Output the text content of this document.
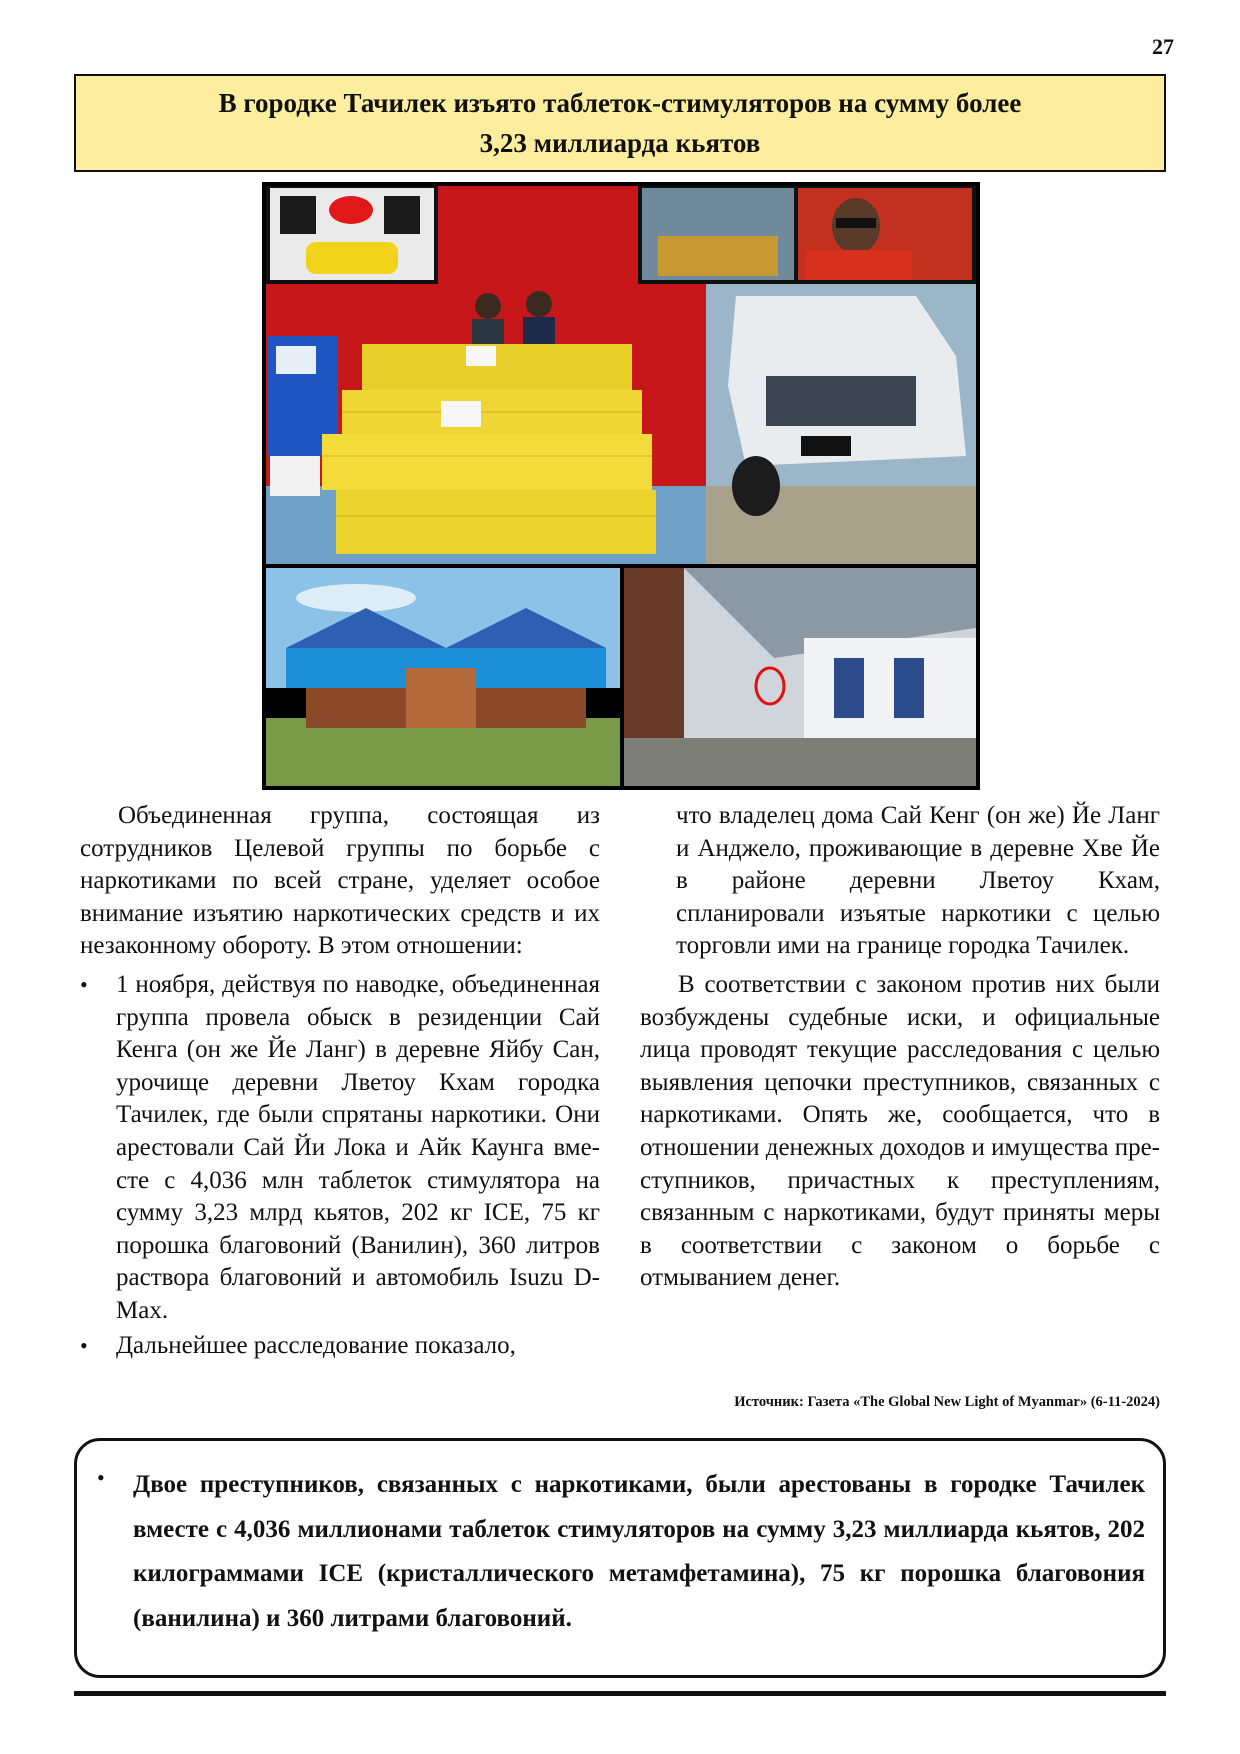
27
В городке Тачилек изъято таблеток-стимуляторов на сумму более
3,23 миллиарда кьятов

Объединенная группа, состоящая из сотрудников Целевой группы по борьбе с наркотиками по всей стране, уделяет особое внимание изъятию наркотических средств и их незаконному обороту. В этом отношении:

• 1 ноября, действуя по наводке, объединенная группа провела обыск в резиденции Сай Кенга (он же Йе Ланг) в деревне Яйбу Сан, урочище деревни Лветоу Кхам городка Тачилек, где были спрятаны наркотики. Они арестовали Сай Йи Лока и Айк Каунга вместе с 4,036 млн таблеток стимулятора на сумму 3,23 млрд кьятов, 202 кг ICE, 75 кг порошка благовоний (Ванилин), 360 литров раствора благовоний и автомобиль Isuzu D-Max.
• Дальнейшее расследование показало,

что владелец дома Сай Кенг (он же) Йе Ланг и Анджело, проживающие в деревне Хве Йе в районе деревни Лветоу Кхам, спланировали изъятые наркотики с целью торговли ими на границе городка Тачилек.

В соответствии с законом против них были возбуждены судебные иски, и официальные лица проводят текущие расследования с целью выявления цепочки преступников, связанных с наркотиками. Опять же, сообщается, что в отношении денежных доходов и имущества преступников, причастных к преступлениям, связанным с наркотиками, будут приняты меры в соответствии с законом о борьбе с отмыванием денег.

Источник: Газета «The Global New Light of Myanmar» (6-11-2024)
• Двое преступников, связанных с наркотиками, были арестованы в городке Тачилек вместе с 4,036 миллионами таблеток стимуляторов на сумму 3,23 миллиарда кьятов, 202 килограммами ICE (кристаллического метамфетамина), 75 кг порошка благовония (ванилина) и 360 литрами благовоний.
